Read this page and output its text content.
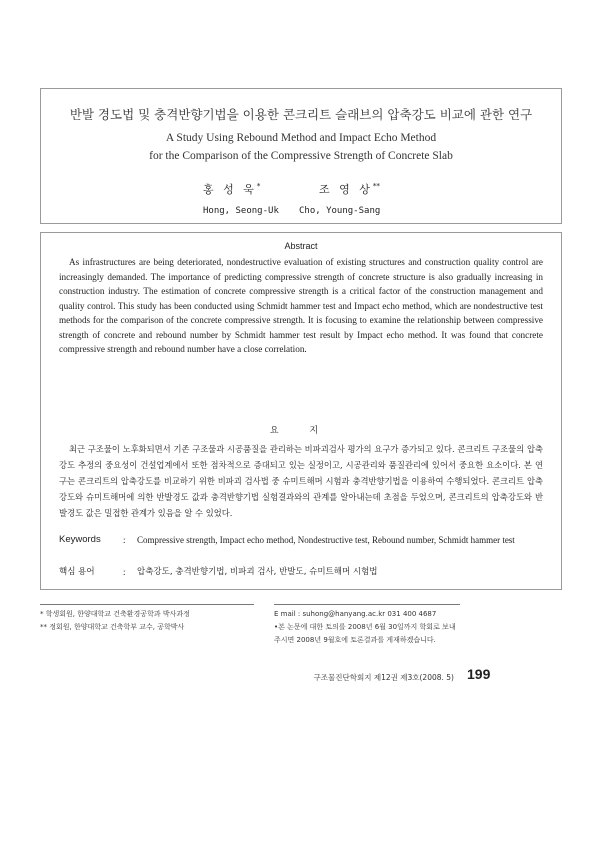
반발 경도법 및 충격반향기법을 이용한 콘크리트 슬래브의 압축강도 비교에 관한 연구
A Study Using Rebound Method and Impact Echo Method
for the Comparison of the Compressive Strength of Concrete Slab
홍 성 욱*
Hong, Seong-Uk
조 영 상**
Cho, Young-Sang
Abstract

As infrastructures are being deteriorated, nondestructive evaluation of existing structures and construction quality control are increasingly demanded. The importance of predicting compressive strength of concrete structure is also gradually increasing in construction industry. The estimation of concrete compressive strength is a critical factor of the construction management and quality control. This study has been conducted using Schmidt hammer test and Impact echo method, which are nondestructive test methods for the comparison of the concrete compressive strength. It is focusing to examine the relationship between compressive strength of concrete and rebound number by Schmidt hammer test result by Impact echo method. It was found that concrete compressive strength and rebound number have a close correlation.

요 지

최근 구조물이 노후화되면서 기존 구조물과 시공품질을 관리하는 비파괴검사 평가의 요구가 증가되고 있다. 콘크리트 구조물의 압축강도 추정의 중요성이 건설업계에서 또한 점차적으로 증대되고 있는 실정이고, 시공관리와 품질관리에 있어서 중요한 요소이다. 본 연구는 콘크리트의 압축강도를 비교하기 위한 비파괴 검사법 중 슈미트해머 시험과 충격반향기법을 이용하여 수행되었다. 콘크리트 압축강도와 슈미트해머에 의한 반발경도 값과 충격반향기법 실험결과와의 관계를 알아내는데 초점을 두었으며, 콘크리트의 압축강도와 반발경도 값은 밀접한 관계가 있음을 알 수 있었다.

Keywords	:	Compressive strength, Impact echo method, Nondestructive test, Rebound number, Schmidt hammer test
핵심 용어	:	압축강도, 충격반향기법, 비파괴 검사, 반발도, 슈미트해머 시험법
* 학생회원, 한양대학교 건축환경공학과 박사과정
** 정회원, 한양대학교 건축학부 교수, 공학박사
E mail : suhong@hanyang.ac.kr 031 400 4687
•본 논문에 대한 토의를 2008년 6월 30일까지 학회로 보내
주시면 2008년 9월호에 토론결과를 게재하겠습니다.
구조물진단학회지 제12권 제3호(2008. 5) 199
